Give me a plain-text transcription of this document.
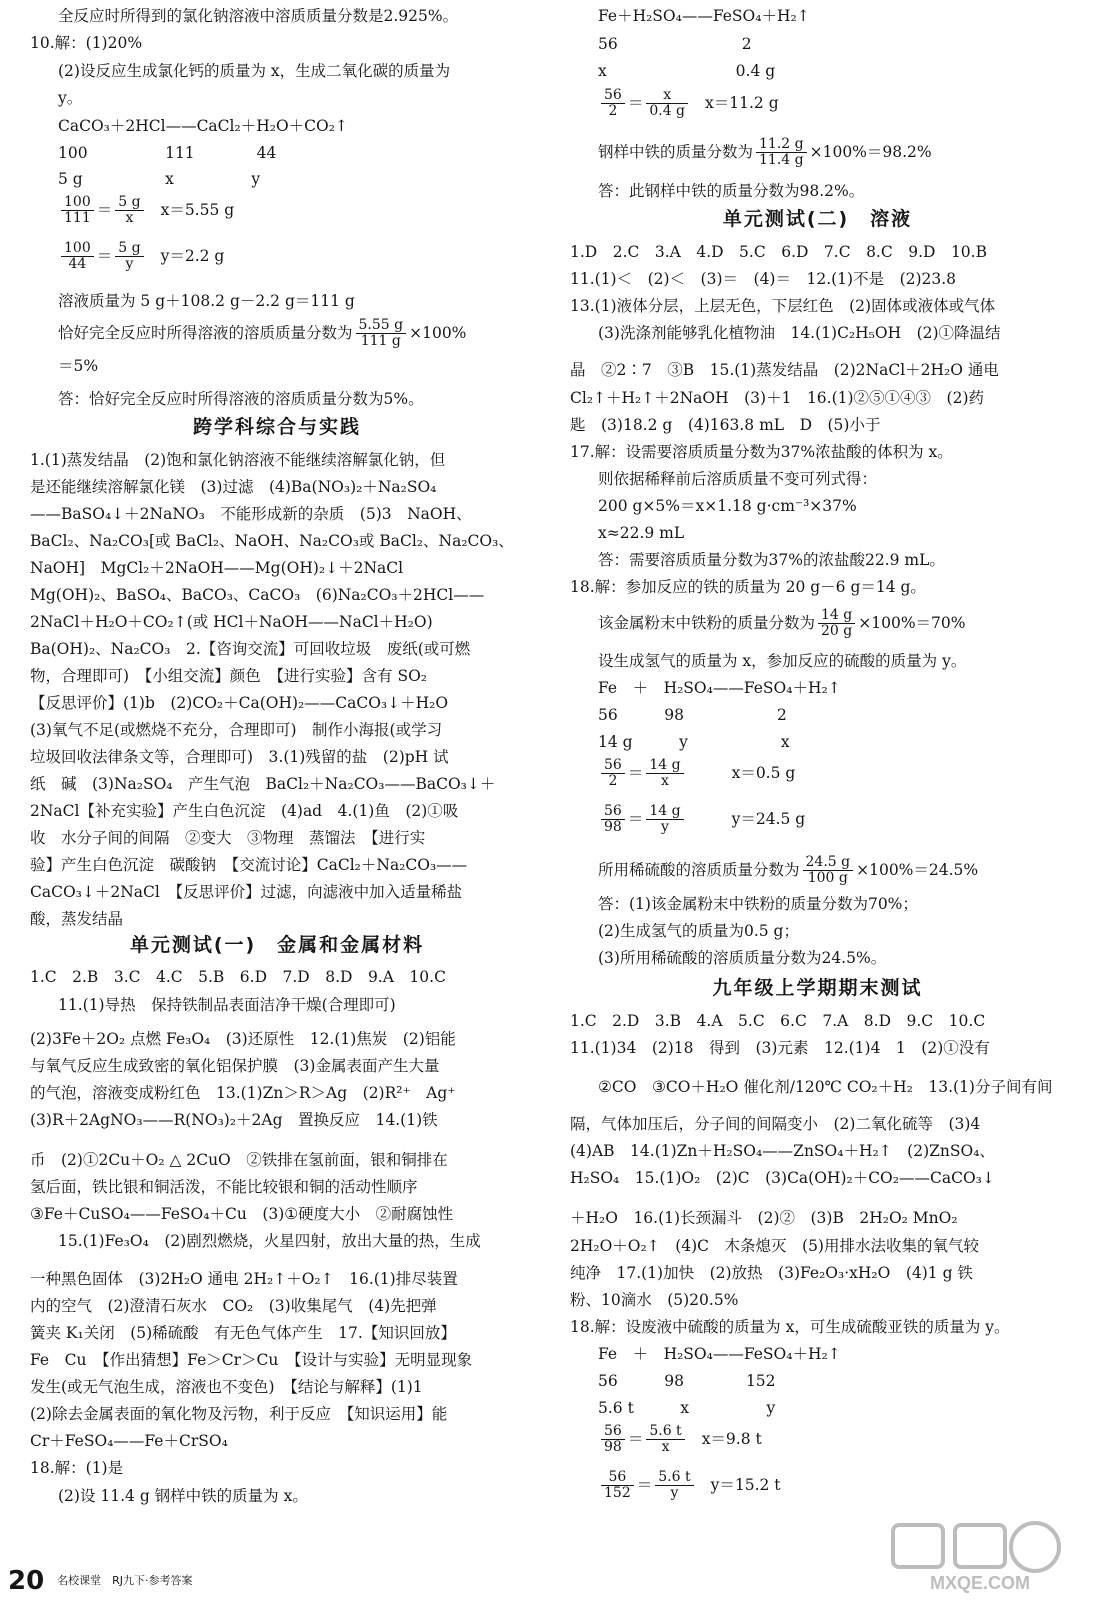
全反应时所得到的氯化钠溶液中溶质质量分数是2.925%。
10.解：(1)20%
(2)设反应生成氯化钙的质量为 x，生成二氧化碳的质量为
y。
CaCO₃＋2HCl——CaCl₂＋H₂O＋CO₂↑
100　　　　　111　　　　44
5 g　　　　　 x　　　　　y
$\frac{100}{111} = \frac{5 g}{x} x=5.55$ g
$\frac{100}{44} = \frac{5 g}{y} y=2.2$ g
溶液质量为 5 g＋108.2 g－2.2 g＝111 g
恰好完全反应时所得溶液的溶质质量分数为 $\frac{5.55 g}{111 g} \times 100\%$
＝5%
答：恰好完全反应时所得溶液的溶质质量分数为5%。
跨学科综合与实践
1.(1)蒸发结晶　(2)饱和氯化钠溶液不能继续溶解氯化钠，但
是还能继续溶解氯化镁　(3)过滤　(4)Ba(NO₃)₂＋Na₂SO₄
——BaSO₄↓＋2NaNO₃　不能形成新的杂质　(5)3　NaOH、
BaCl₂、Na₂CO₃[或 BaCl₂、NaOH、Na₂CO₃或 BaCl₂、Na₂CO₃、
NaOH]　MgCl₂＋2NaOH——Mg(OH)₂↓＋2NaCl
Mg(OH)₂、BaSO₄、BaCO₃、CaCO₃　(6)Na₂CO₃＋2HCl——
2NaCl＋H₂O＋CO₂↑(或 HCl＋NaOH——NaCl＋H₂O)
Ba(OH)₂、Na₂CO₃　2.【咨询交流】可回收垃圾　废纸(或可燃
物，合理即可)　【小组交流】颜色　【进行实验】含有 SO₂
【反思评价】(1)b　(2)CO₂＋Ca(OH)₂——CaCO₃↓＋H₂O
(3)氧气不足(或燃烧不充分，合理即可)　制作小海报(或学习
垃圾回收法律条文等，合理即可)　3.(1)残留的盐　(2)pH 试
纸　碱　(3)Na₂SO₄　产生气泡　BaCl₂＋Na₂CO₃——BaCO₃↓＋
2NaCl【补充实验】产生白色沉淀　(4)ad　4.(1)鱼　(2)①吸
收　水分子间的间隔　②变大　③物理　蒸馏法　【进行实
验】产生白色沉淀　碳酸钠　【交流讨论】CaCl₂＋Na₂CO₃——
CaCO₃↓＋2NaCl　【反思评价】过滤，向滤液中加入适量稀盐
酸，蒸发结晶
单元测试(一)　金属和金属材料
1.C　2.B　3.C　4.C　5.B　6.D　7.D　8.D　9.A　10.C
11.(1)导热　保持铁制品表面洁净干燥(合理即可)
(2)3Fe＋2O₂ 点燃 Fe₃O₄　(3)还原性　12.(1)焦炭　(2)铝能
与氧气反应生成致密的氧化铝保护膜　(3)金属表面产生大量
的气泡，溶液变成粉红色　13.(1)Zn＞R＞Ag　(2)R²⁺　Ag⁺
(3)R＋2AgNO₃——R(NO₃)₂＋2Ag　置换反应　14.(1)铁
币　(2)①2Cu＋O₂ △ 2CuO　②铁排在氢前面，银和铜排在
氢后面，铁比银和铜活泼，不能比较银和铜的活动性顺序
③Fe＋CuSO₄——FeSO₄＋Cu　(3)①硬度大小　②耐腐蚀性
15.(1)Fe₃O₄　(2)剧烈燃烧，火星四射，放出大量的热，生成
一种黑色固体　(3)2H₂O 通电 2H₂↑＋O₂↑　16.(1)排尽装置
内的空气　(2)澄清石灰水　CO₂　(3)收集尾气　(4)先把弹
簧夹 K₁关闭　(5)稀硫酸　有无色气体产生　17.【知识回放】
Fe　Cu　【作出猜想】Fe＞Cr＞Cu　【设计与实验】无明显现象
发生(或无气泡生成，溶液也不变色)　【结论与解释】(1)1
(2)除去金属表面的氧化物及污物，利于反应　【知识运用】能
Cr＋FeSO₄——Fe＋CrSO₄
18.解：(1)是
(2)设 11.4 g 钢样中铁的质量为 x。
Fe＋H₂SO₄——FeSO₄＋H₂↑
56　　　　　　　　2
x　　　　　　　　 0.4 g
$\frac{56}{2} = \frac{x}{0.4 g} x=11.2$ g
钢样中铁的质量分数为 $\frac{11.2 g}{11.4 g} \times 100\%=98.2\%$
答：此钢样中铁的质量分数为98.2%。
单元测试(二)　溶液
1.D　2.C　3.A　4.D　5.C　6.D　7.C　8.C　9.D　10.B
11.(1)＜　(2)＜　(3)＝　(4)＝　12.(1)不是　(2)23.8
13.(1)液体分层，上层无色，下层红色　(2)固体或液体或气体
(3)洗涤剂能够乳化植物油　14.(1)C₂H₅OH　(2)①降温结
晶　②2∶7　③B　15.(1)蒸发结晶　(2)2NaCl＋2H₂O 通电
Cl₂↑＋H₂↑＋2NaOH　(3)＋1　16.(1)②⑤①④③　(2)药
匙　(3)18.2 g　(4)163.8 mL　D　(5)小于
17.解：设需要溶质质量分数为37%浓盐酸的体积为 x。
则依据稀释前后溶质质量不变可列式得：
200 g×5%＝x×1.18 g·cm⁻³×37%
x≈22.9 mL
答：需要溶质质量分数为37%的浓盐酸22.9 mL。
18.解：参加反应的铁的质量为 20 g－6 g＝14 g。
该金属粉末中铁粉的质量分数为 $\frac{14 g}{20 g} \times 100\%=70\%$
设生成氢气的质量为 x，参加反应的硫酸的质量为 y。
Fe　＋　H₂SO₄——FeSO₄＋H₂↑
56　　　98　　　　　　2
14 g　　　y　　　　　　x
$\frac{56}{2} = \frac{14 g}{x}$ 　　x＝0.5 g
$\frac{56}{98} = \frac{14 g}{y}$ 　　y＝24.5 g
所用稀硫酸的溶质质量分数为 $\frac{24.5 g}{100 g} \times 100\%=24.5\%$
答：(1)该金属粉末中铁粉的质量分数为70%；
(2)生成氢气的质量为0.5 g；
(3)所用稀硫酸的溶质质量分数为24.5%。
九年级上学期期末测试
1.C　2.D　3.B　4.A　5.C　6.C　7.A　8.D　9.C　10.C
11.(1)34　(2)18　得到　(3)元素　12.(1)4　1　(2)①没有
②CO　③CO＋H₂O 催化剂/120℃ CO₂＋H₂　13.(1)分子间有间
隔，气体加压后，分子间的间隔变小　(2)二氧化硫等　(3)4
(4)AB　14.(1)Zn＋H₂SO₄——ZnSO₄＋H₂↑　(2)ZnSO₄、
H₂SO₄　15.(1)O₂　(2)C　(3)Ca(OH)₂＋CO₂——CaCO₃↓
＋H₂O　16.(1)长颈漏斗　(2)②　(3)B　2H₂O₂ MnO₂
2H₂O＋O₂↑　(4)C　木条熄灭　(5)用排水法收集的氧气较
纯净　17.(1)加快　(2)放热　(3)Fe₂O₃·xH₂O　(4)1 g 铁
粉、10滴水　(5)20.5%
18.解：设废液中硫酸的质量为 x，可生成硫酸亚铁的质量为 y。
Fe　＋　H₂SO₄——FeSO₄＋H₂↑
56　　　98　　　　152
5.6 t　　　x　　　　　y
$\frac{56}{98} = \frac{5.6 t}{x} x=9.8$ t
$\frac{56}{152} = \frac{5.6 t}{y} y=15.2$ t
20 $^{名校课堂 RJ九下\cdot 参考答案}$	MXQE.COM
